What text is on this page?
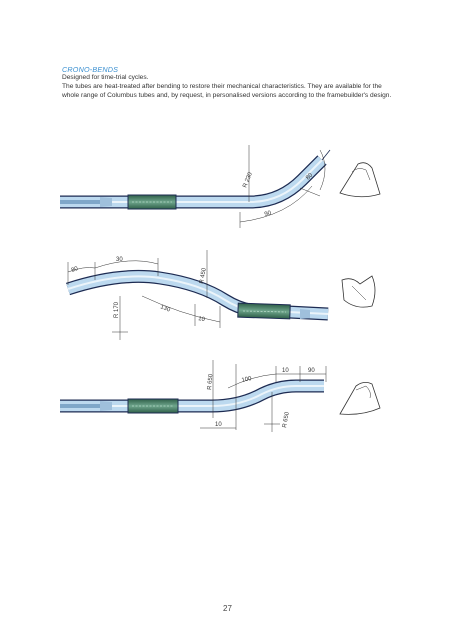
CRONO-BENDS

Designed for time-trial cycles.

The tubes are heat-treated after bending to restore their mechanical characteristics. They are available for the whole range of Columbus tubes and, by request, in personalised versions according to the framebuilder's design.

R 230	80
90
80
30
R 450
R 170	130
10
R 650	100
10	90
10	R 650
27
